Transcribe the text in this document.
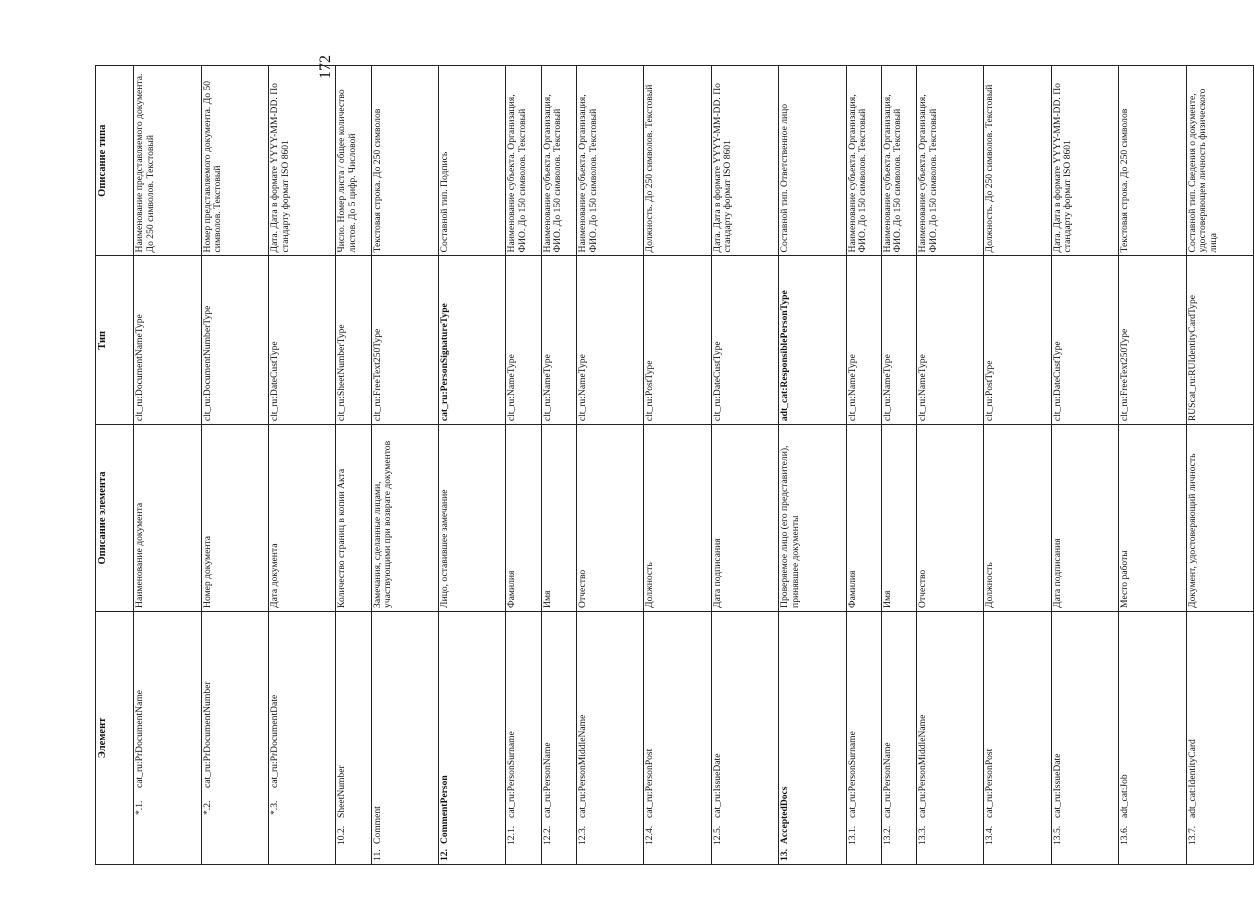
172
Элемент	Описание элемента	Тип	Описание типа	

*.1.
cat_ru:PrDocumentName	Наименование документа	clt_ru:DocumentNameType	Наименование представляемого документа. До 250 символов. Текстовый	

*.2.
cat_ru:PrDocumentNumber	Номер документа	clt_ru:DocumentNumberType	Номер представляемого документа. До 50 символов. Текстовый	

*.3.
cat_ru:PrDocumentDate	Дата документа	clt_ru:DateCustType	Дата. Дата в формате YYYY-MM-DD. По стандарту формат ISO 8601	

10.2.
SheetNumber	Количество страниц в копии Акта	clt_ru:SheetNumberType	Число. Номер листа / общее количество листов. До 5 цифр. Числовой	

11.
Comment	Замечания, сделанные лицами, участвующими при возврате документов	clt_ru:FreeText250Type	Текстовая строка. До 250 символов	

12.
CommentPerson	Лицо, оставившее замечание	cat_ru:PersonSignatureType	Составной тип. Подпись	

12.1.
cat_ru:PersonSurname	Фамилия	clt_ru:NameType	Наименование субъекта. Организация, ФИО. До 150 символов. Текстовый	

12.2.
cat_ru:PersonName	Имя	clt_ru:NameType	Наименование субъекта. Организация, ФИО. До 150 символов. Текстовый	

12.3.
cat_ru:PersonMiddleName	Отчество	clt_ru:NameType	Наименование субъекта. Организация, ФИО. До 150 символов. Текстовый	

12.4.
cat_ru:PersonPost	Должность	clt_ru:PostType	Должность. До 250 символов. Текстовый	

12.5.
cat_ru:IssueDate	Дата подписания	clt_ru:DateCustType	Дата. Дата в формате YYYY-MM-DD. По стандарту формат ISO 8601	

13.
AcceptedDocs	Проверяемое лицо (его представители), принявшее документы	adt_cat:ResponsiblePersonType	Составной тип. Ответственное лицо	

13.1.
cat_ru:PersonSurname	Фамилия	clt_ru:NameType	Наименование субъекта. Организация, ФИО. До 150 символов. Текстовый	

13.2.
cat_ru:PersonName	Имя	clt_ru:NameType	Наименование субъекта. Организация, ФИО. До 150 символов. Текстовый	

13.3.
cat_ru:PersonMiddleName	Отчество	clt_ru:NameType	Наименование субъекта. Организация, ФИО. До 150 символов. Текстовый	

13.4.
cat_ru:PersonPost	Должность	clt_ru:PostType	Должность. До 250 символов. Текстовый	

13.5.
cat_ru:IssueDate	Дата подписания	clt_ru:DateCustType	Дата. Дата в формате YYYY-MM-DD. По стандарту формат ISO 8601	

13.6.
adt_cat:Job	Место работы	clt_ru:FreeText250Type	Текстовая строка. До 250 символов	

13.7.
adt_cat:IdentityCard	Документ, удостоверяющий личность	RUScat_ru:RUIdentityCardType	Составной тип. Сведения о документе, удостоверяющем личность физического лица	
